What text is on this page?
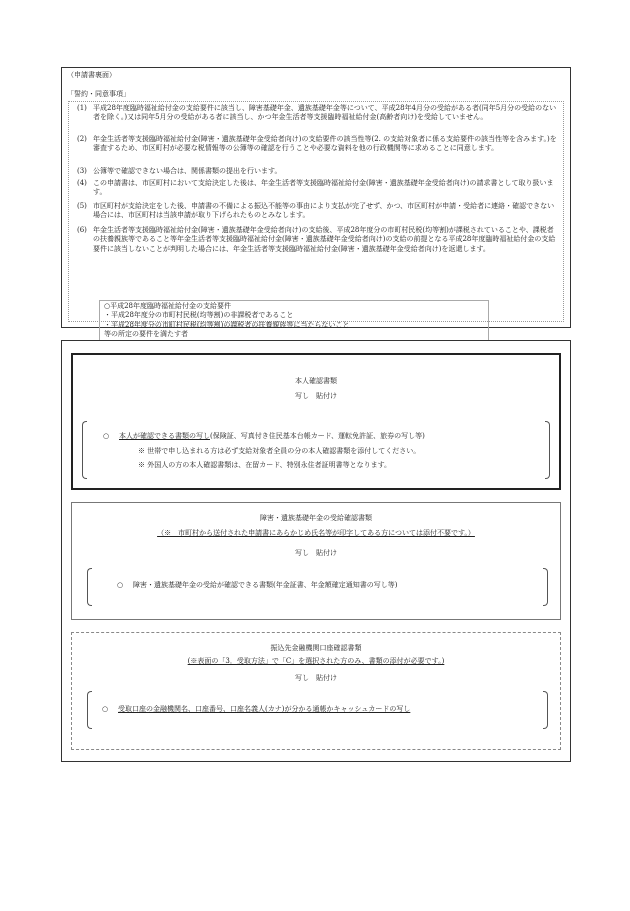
（申請書裏面）
「誓約・同意事項」
(1) 平成28年度臨時福祉給付金の支給要件に該当し、障害基礎年金、遺族基礎年金等について、平成28年4月分の受給がある者(同年5月分の受給のない者を除く。)又は同年5月分の受給がある者に該当し、かつ年金生活者等支援臨時福祉給付金(高齢者向け)を受給していません。
(2) 年金生活者等支援臨時福祉給付金(障害・遺族基礎年金受給者向け)の支給要件の該当性等(2. の支給対象者に係る支給要件の該当性等を含みます。)を審査するため、市区町村が必要な税情報等の公簿等の確認を行うことや必要な資料を他の行政機関等に求めることに同意します。
(3) 公簿等で確認できない場合は、関係書類の提出を行います。
(4) この申請書は、市区町村において支給決定した後は、年金生活者等支援臨時福祉給付金(障害・遺族基礎年金受給者向け)の請求書として取り扱います。
(5) 市区町村が支給決定をした後、申請書の不備による振込不能等の事由により支払が完了せず、かつ、市区町村が申請・受給者に連絡・確認できない場合には、市区町村は当該申請が取り下げられたものとみなします。
(6) 年金生活者等支援臨時福祉給付金(障害・遺族基礎年金受給者向け)の支給後、平成28年度分の市町村民税(均等割)が課税されていることや、課税者の扶養親族等であること等年金生活者等支援臨時福祉給付金(障害・遺族基礎年金受給者向け)の支給の前提となる平成28年度臨時福祉給付金の支給要件に該当しないことが判明した場合には、年金生活者等支援臨時福祉給付金(障害・遺族基礎年金受給者向け)を返還します。
○平成28年度臨時福祉給付金の支給要件
・平成28年度分の市町村民税(均等割)の非課税者であること
・平成28年度分の市町村民税(均等割)の課税者の扶養親族等に当たらないこと
等の所定の要件を満たす者
本人確認書類
写し　貼付け
○ 本人が確認できる書類の写し(保険証、写真付き住民基本台帳カード、運転免許証、旅券の写し等)
※ 世帯で申し込まれる方は必ず支給対象者全員の分の本人確認書類を添付してください。
※ 外国人の方の本人確認書類は、在留カード、特別永住者証明書等となります。
障害・遺族基礎年金の受給確認書類
（※　市町村から送付された申請書にあらかじめ氏名等が印字してある方については添付不要です。）
写し　貼付け
○ 障害・遺族基礎年金の受給が確認できる書類(年金証書、年金額確定通知書の写し等)
振込先金融機関口座確認書類
(※表面の「3．受取方法」で「C」を選択された方のみ、書類の添付が必要です。)
写し　貼付け
○ 受取口座の金融機関名、口座番号、口座名義人(カナ)が分かる通帳かキャッシュカードの写し
